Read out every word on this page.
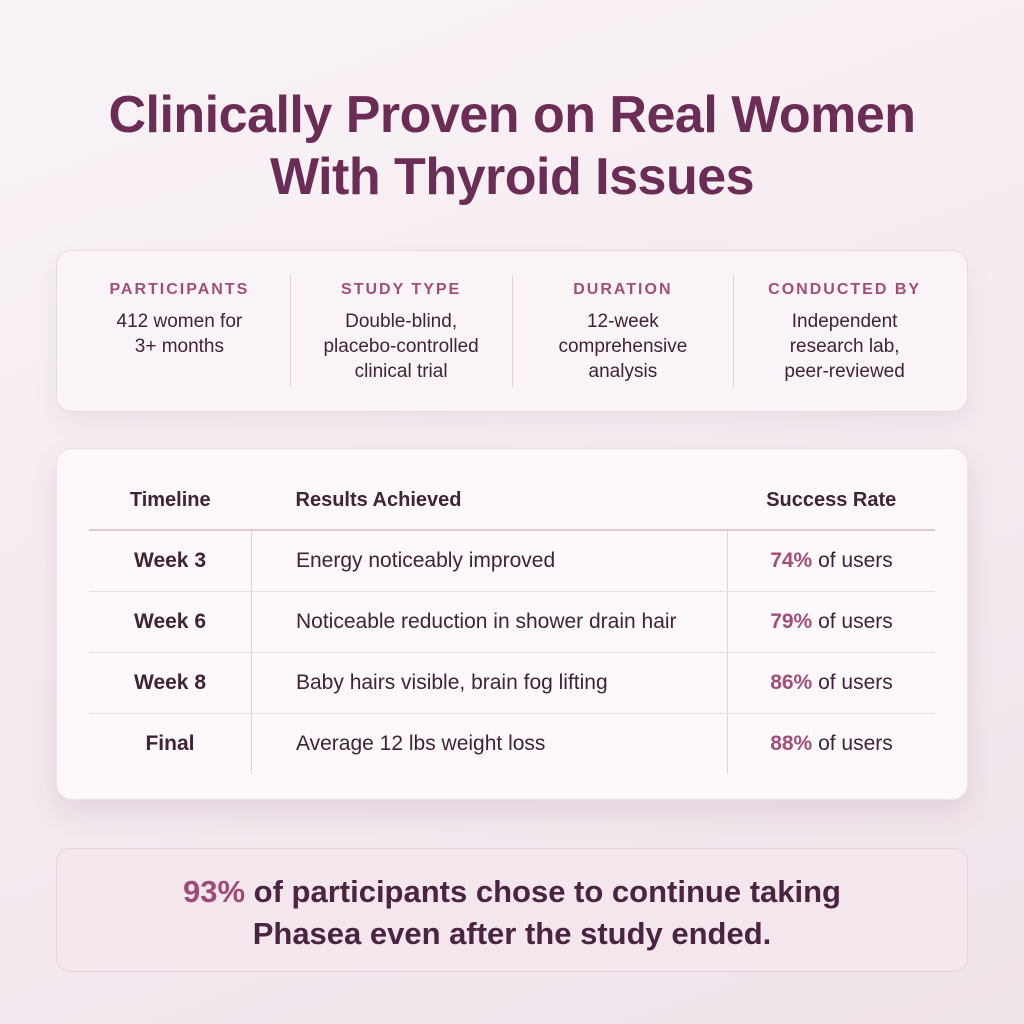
Clinically Proven on Real Women
With Thyroid Issues
PARTICIPANTS
412 women for
3+ months
STUDY TYPE
Double-blind,
placebo-controlled
clinical trial
DURATION
12-week
comprehensive
analysis
CONDUCTED BY
Independent
research lab,
peer-reviewed
Timeline	Results Achieved	Success Rate
Week 3	Energy noticeably improved	74% of users
Week 6	Noticeable reduction in shower drain hair	79% of users
Week 8	Baby hairs visible, brain fog lifting	86% of users
Final	Average 12 lbs weight loss	88% of users
93% of participants chose to continue taking
Phasea even after the study ended.
